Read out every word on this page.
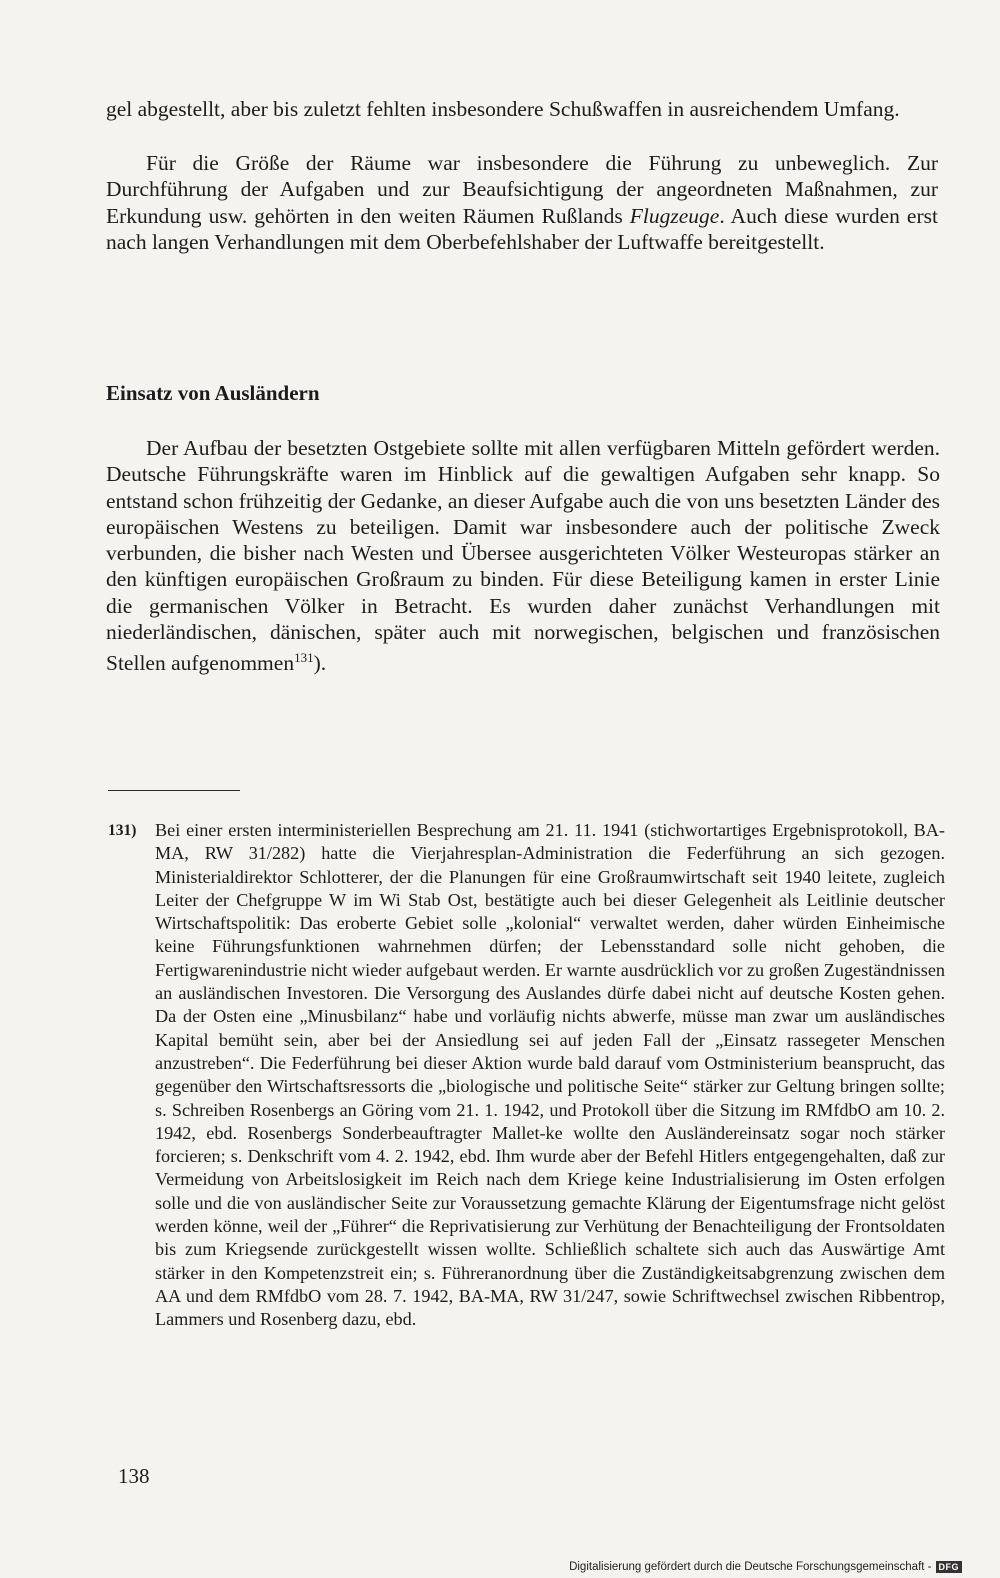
gel abgestellt, aber bis zuletzt fehlten insbesondere Schußwaffen in ausreichendem Umfang.

Für die Größe der Räume war insbesondere die Führung zu unbeweglich. Zur Durchführung der Aufgaben und zur Beaufsichtigung der angeordneten Maßnahmen, zur Erkundung usw. gehörten in den weiten Räumen Rußlands Flugzeuge. Auch diese wurden erst nach langen Verhandlungen mit dem Oberbefehlshaber der Luftwaffe bereitgestellt.

Einsatz von Ausländern

Der Aufbau der besetzten Ostgebiete sollte mit allen verfügbaren Mitteln gefördert werden. Deutsche Führungskräfte waren im Hinblick auf die gewaltigen Aufgaben sehr knapp. So entstand schon frühzeitig der Gedanke, an dieser Aufgabe auch die von uns besetzten Länder des europäischen Westens zu beteiligen. Damit war insbesondere auch der politische Zweck verbunden, die bisher nach Westen und Übersee ausgerichteten Völker Westeuropas stärker an den künftigen europäischen Großraum zu binden. Für diese Beteiligung kamen in erster Linie die germanischen Völker in Betracht. Es wurden daher zunächst Verhandlungen mit niederländischen, dänischen, später auch mit norwegischen, belgischen und französischen Stellen aufgenommen$^{131}$).

131) Bei einer ersten interministeriellen Besprechung am 21. 11. 1941 (stichwortartiges Ergebnisprotokoll, BA-MA, RW 31/282) hatte die Vierjahresplan-Administration die Federführung an sich gezogen. Ministerialdirektor Schlotterer, der die Planungen für eine Großraumwirtschaft seit 1940 leitete, zugleich Leiter der Chefgruppe W im Wi Stab Ost, bestätigte auch bei dieser Gelegenheit als Leitlinie deutscher Wirtschaftspolitik: Das eroberte Gebiet solle „kolonial“ verwaltet werden, daher würden Einheimische keine Führungsfunktionen wahrnehmen dürfen; der Lebensstandard solle nicht gehoben, die Fertigwarenindustrie nicht wieder aufgebaut werden. Er warnte ausdrücklich vor zu großen Zugeständnissen an ausländischen Investoren. Die Versorgung des Auslandes dürfe dabei nicht auf deutsche Kosten gehen. Da der Osten eine „Minusbilanz“ habe und vorläufig nichts abwerfe, müsse man zwar um ausländisches Kapital bemüht sein, aber bei der Ansiedlung sei auf jeden Fall der „Einsatz rassegeter Menschen anzustreben“. Die Federführung bei dieser Aktion wurde bald darauf vom Ostministerium beansprucht, das gegenüber den Wirtschaftsressorts die „biologische und politische Seite“ stärker zur Geltung bringen sollte; s. Schreiben Rosenbergs an Göring vom 21. 1. 1942, und Protokoll über die Sitzung im RMfdbO am 10. 2. 1942, ebd. Rosenbergs Sonderbeauftragter Mallet-ke wollte den Ausländereinsatz sogar noch stärker forcieren; s. Denkschrift vom 4. 2. 1942, ebd. Ihm wurde aber der Befehl Hitlers entgegengehalten, daß zur Vermeidung von Arbeitslosigkeit im Reich nach dem Kriege keine Industrialisierung im Osten erfolgen solle und die von ausländischer Seite zur Voraussetzung gemachte Klärung der Eigentumsfrage nicht gelöst werden könne, weil der „Führer“ die Reprivatisierung zur Verhütung der Benachteiligung der Frontsoldaten bis zum Kriegsende zurückgestellt wissen wollte. Schließlich schaltete sich auch das Auswärtige Amt stärker in den Kompetenzstreit ein; s. Führeranordnung über die Zuständigkeitsabgrenzung zwischen dem AA und dem RMfdbO vom 28. 7. 1942, BA-MA, RW 31/247, sowie Schriftwechsel zwischen Ribbentrop, Lammers und Rosenberg dazu, ebd.

138

Digitalisierung gefördert durch die Deutsche Forschungsgemeinschaft - DFG
